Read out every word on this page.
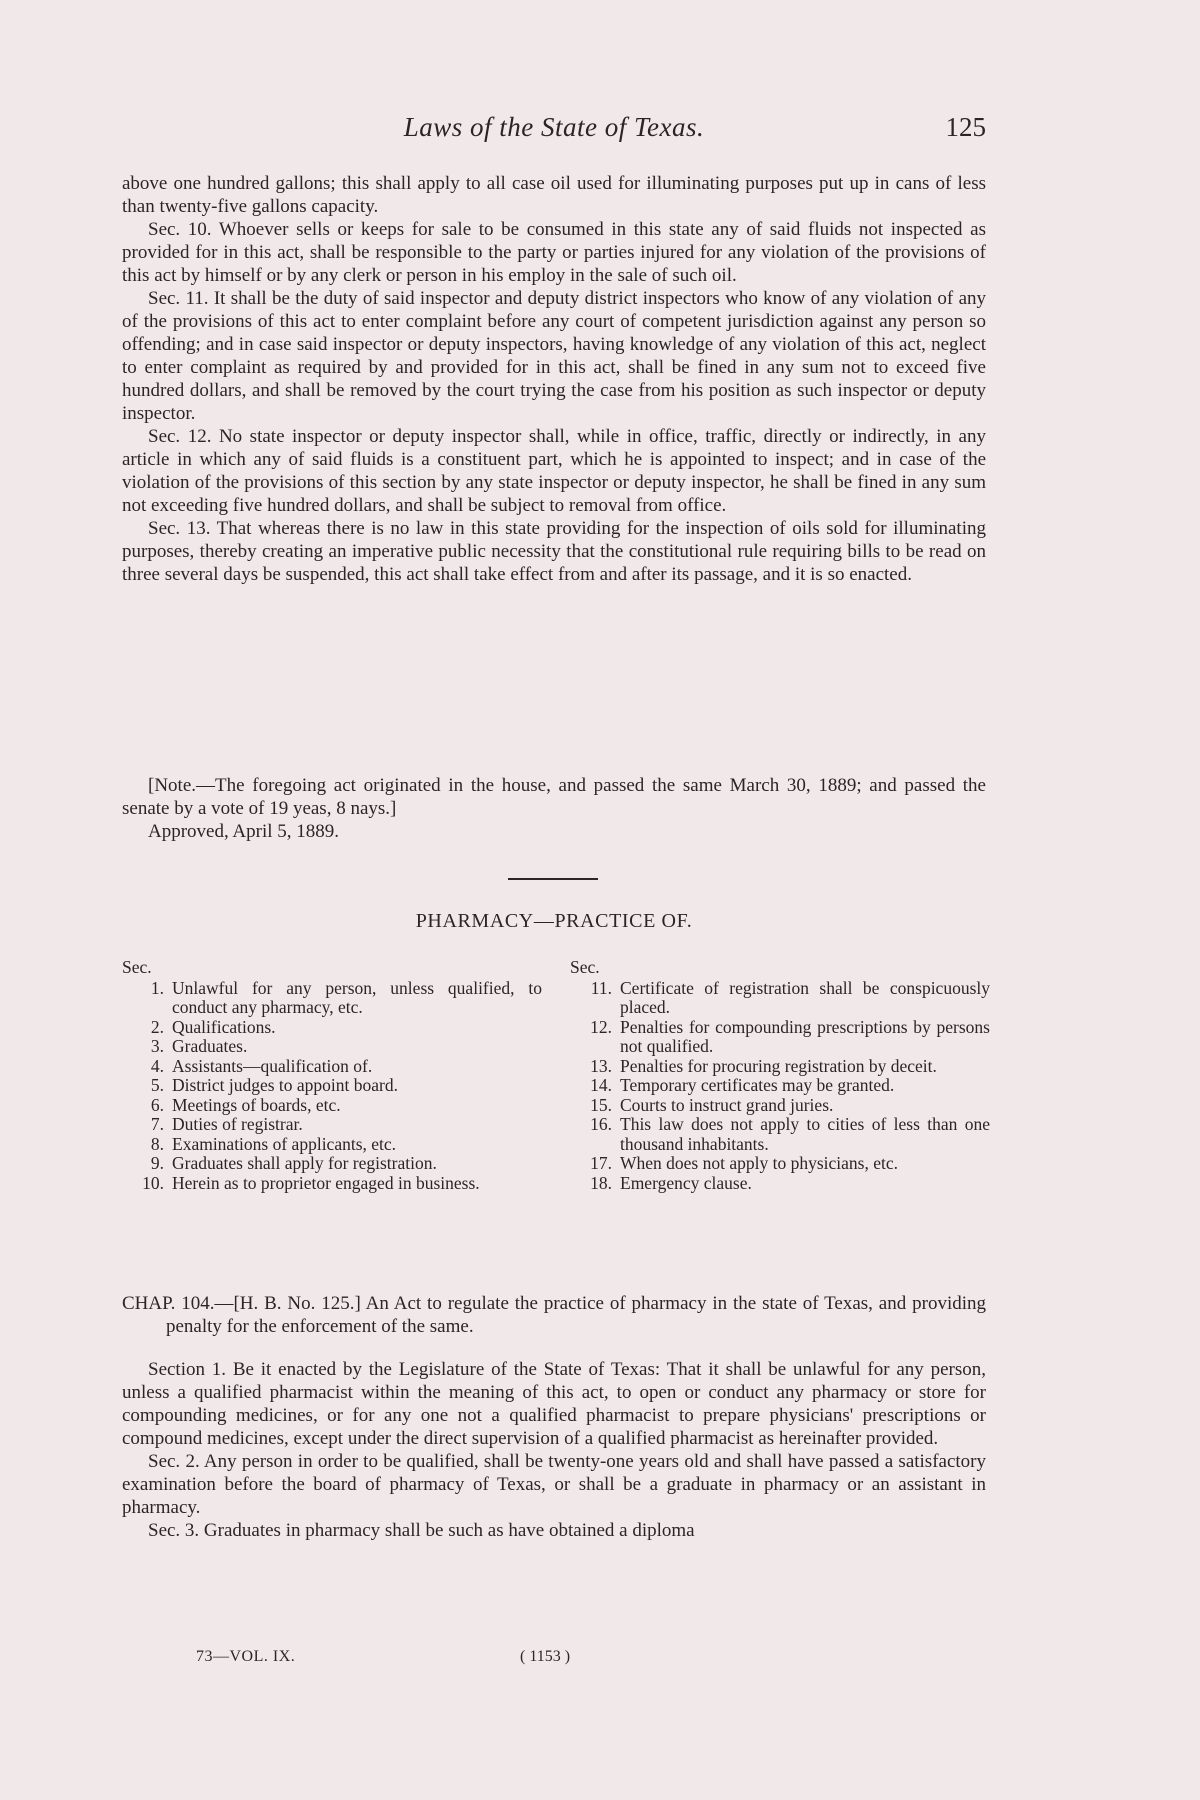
Laws of the State of Texas.	125

above one hundred gallons; this shall apply to all case oil used for illuminating purposes put up in cans of less than twenty-five gallons capacity.

Sec. 10. Whoever sells or keeps for sale to be consumed in this state any of said fluids not inspected as provided for in this act, shall be responsible to the party or parties injured for any violation of the provisions of this act by himself or by any clerk or person in his employ in the sale of such oil.

Sec. 11. It shall be the duty of said inspector and deputy district inspectors who know of any violation of any of the provisions of this act to enter complaint before any court of competent jurisdiction against any person so offending; and in case said inspector or deputy inspectors, having knowledge of any violation of this act, neglect to enter complaint as required by and provided for in this act, shall be fined in any sum not to exceed five hundred dollars, and shall be removed by the court trying the case from his position as such inspector or deputy inspector.

Sec. 12. No state inspector or deputy inspector shall, while in office, traffic, directly or indirectly, in any article in which any of said fluids is a constituent part, which he is appointed to inspect; and in case of the violation of the provisions of this section by any state inspector or deputy inspector, he shall be fined in any sum not exceeding five hundred dollars, and shall be subject to removal from office.

Sec. 13. That whereas there is no law in this state providing for the inspection of oils sold for illuminating purposes, thereby creating an imperative public necessity that the constitutional rule requiring bills to be read on three several days be suspended, this act shall take effect from and after its passage, and it is so enacted.

[Note.—The foregoing act originated in the house, and passed the same March 30, 1889; and passed the senate by a vote of 19 yeas, 8 nays.]

Approved, April 5, 1889.

PHARMACY—PRACTICE OF.
Sec.
1. Unlawful for any person, unless qualified, to conduct any pharmacy, etc.
2. Qualifications.
3. Graduates.
4. Assistants—qualification of.
5. District judges to appoint board.
6. Meetings of boards, etc.
7. Duties of registrar.
8. Examinations of applicants, etc.
9. Graduates shall apply for registration.
10. Herein as to proprietor engaged in business.
Sec.
11. Certificate of registration shall be conspicuously placed.
12. Penalties for compounding prescriptions by persons not qualified.
13. Penalties for procuring registration by deceit.
14. Temporary certificates may be granted.
15. Courts to instruct grand juries.
16. This law does not apply to cities of less than one thousand inhabitants.
17. When does not apply to physicians, etc.
18. Emergency clause.

CHAP. 104.—[H. B. No. 125.] An Act to regulate the practice of pharmacy in the state of Texas, and providing penalty for the enforcement of the same.

Section 1. Be it enacted by the Legislature of the State of Texas: That it shall be unlawful for any person, unless a qualified pharmacist within the meaning of this act, to open or conduct any pharmacy or store for compounding medicines, or for any one not a qualified pharmacist to prepare physicians' prescriptions or compound medicines, except under the direct supervision of a qualified pharmacist as hereinafter provided.

Sec. 2. Any person in order to be qualified, shall be twenty-one years old and shall have passed a satisfactory examination before the board of pharmacy of Texas, or shall be a graduate in pharmacy or an assistant in pharmacy.

Sec. 3. Graduates in pharmacy shall be such as have obtained a diploma

73—VOL. IX.	( 1153 )
